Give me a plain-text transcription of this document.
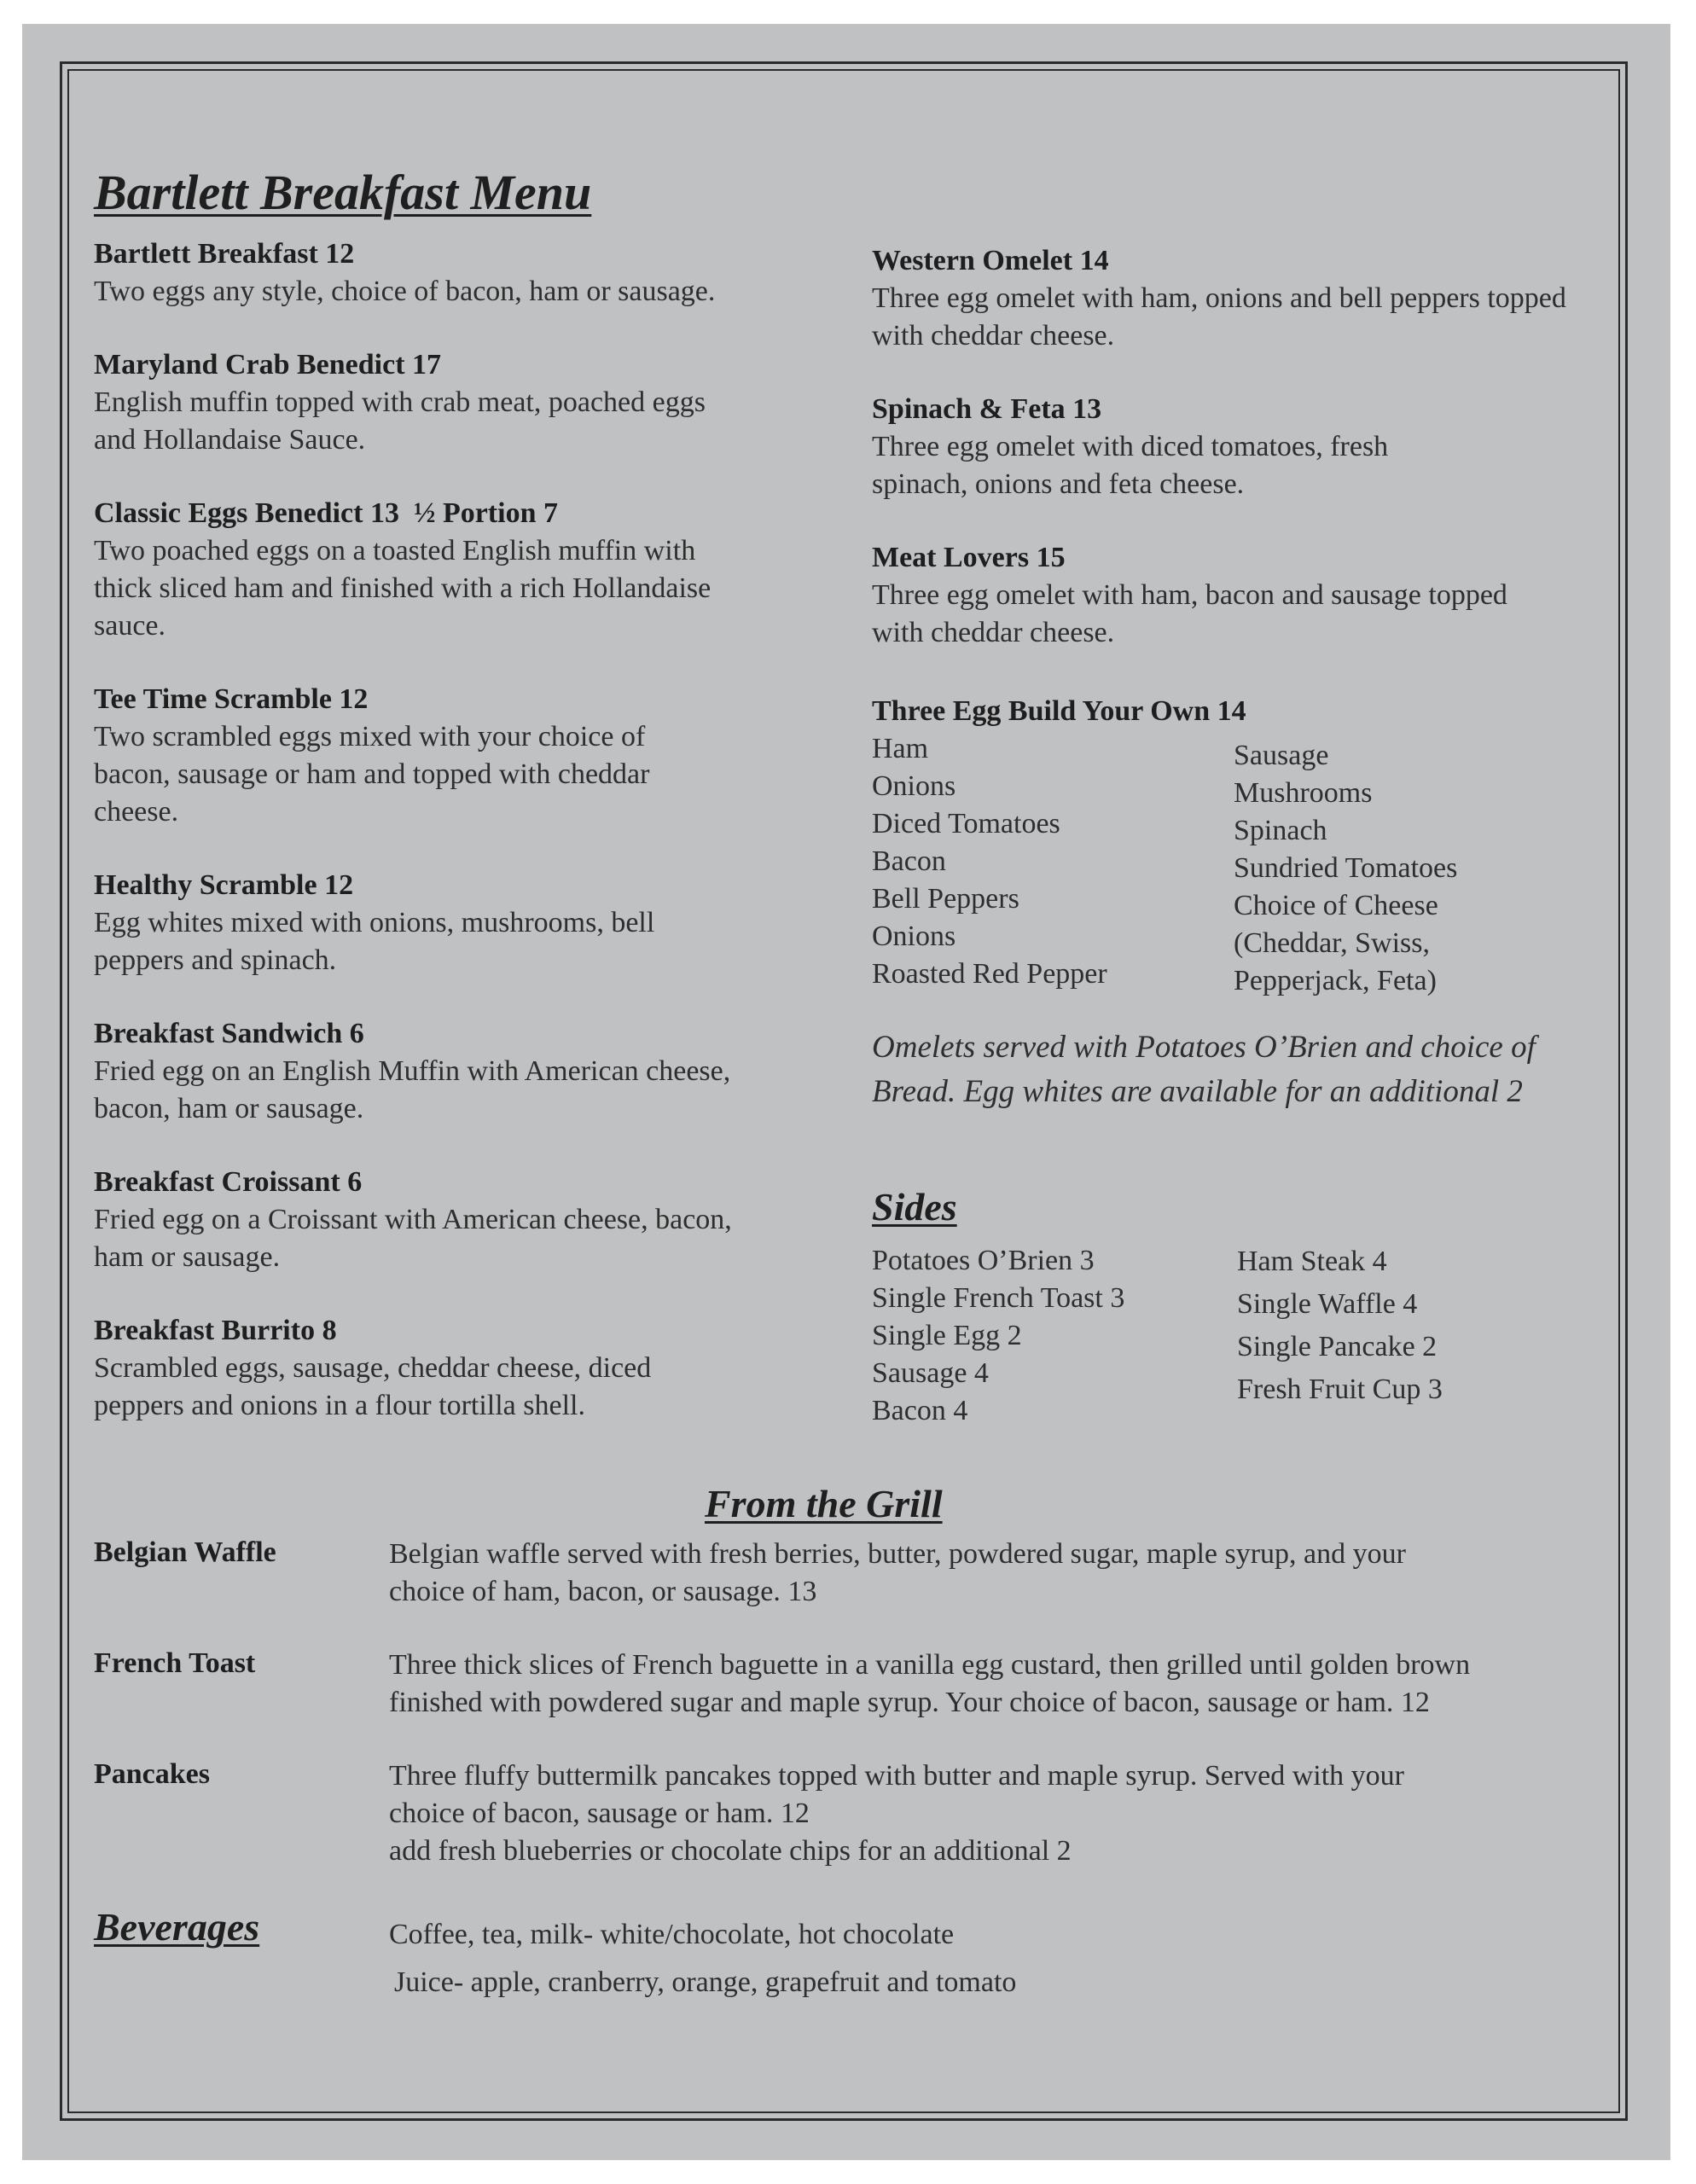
Bartlett Breakfast Menu
Bartlett Breakfast 12
Two eggs any style, choice of bacon, ham or sausage.
Maryland Crab Benedict 17
English muffin topped with crab meat, poached eggs and Hollandaise Sauce.
Classic Eggs Benedict 13  ½ Portion 7
Two poached eggs on a toasted English muffin with thick sliced ham and finished with a rich Hollandaise sauce.
Tee Time Scramble 12
Two scrambled eggs mixed with your choice of bacon, sausage or ham and topped with cheddar cheese.
Healthy Scramble 12
Egg whites mixed with onions, mushrooms, bell peppers and spinach.
Breakfast Sandwich 6
Fried egg on an English Muffin with American cheese, bacon, ham or sausage.
Breakfast Croissant 6
Fried egg on a Croissant with American cheese, bacon, ham or sausage.
Breakfast Burrito 8
Scrambled eggs, sausage, cheddar cheese, diced peppers and onions in a flour tortilla shell.
Western Omelet 14
Three egg omelet with ham, onions and bell peppers topped with cheddar cheese.
Spinach & Feta 13
Three egg omelet with diced tomatoes, fresh spinach, onions and feta cheese.
Meat Lovers 15
Three egg omelet with ham, bacon and sausage topped with cheddar cheese.
Three Egg Build Your Own 14
Ham
Onions
Diced Tomatoes
Bacon
Bell Peppers
Onions
Roasted Red Pepper
Sausage
Mushrooms
Spinach
Sundried Tomatoes
Choice of Cheese
(Cheddar, Swiss,
Pepperjack, Feta)
Omelets served with Potatoes O’Brien and choice of
Bread. Egg whites are available for an additional 2
Sides
Potatoes O’Brien 3
Single French Toast 3
Single Egg 2
Sausage 4
Bacon 4
Ham Steak 4
Single Waffle 4
Single Pancake 2
Fresh Fruit Cup 3
From the Grill
Belgian Waffle	Belgian waffle served with fresh berries, butter, powdered sugar, maple syrup, and your
choice of ham, bacon, or sausage. 13
French Toast	Three thick slices of French baguette in a vanilla egg custard, then grilled until golden brown
finished with powdered sugar and maple syrup. Your choice of bacon, sausage or ham. 12
Pancakes	Three fluffy buttermilk pancakes topped with butter and maple syrup. Served with your
choice of bacon, sausage or ham. 12
add fresh blueberries or chocolate chips for an additional 2
Beverages	Coffee, tea, milk- white/chocolate, hot chocolate
Juice- apple, cranberry, orange, grapefruit and tomato
